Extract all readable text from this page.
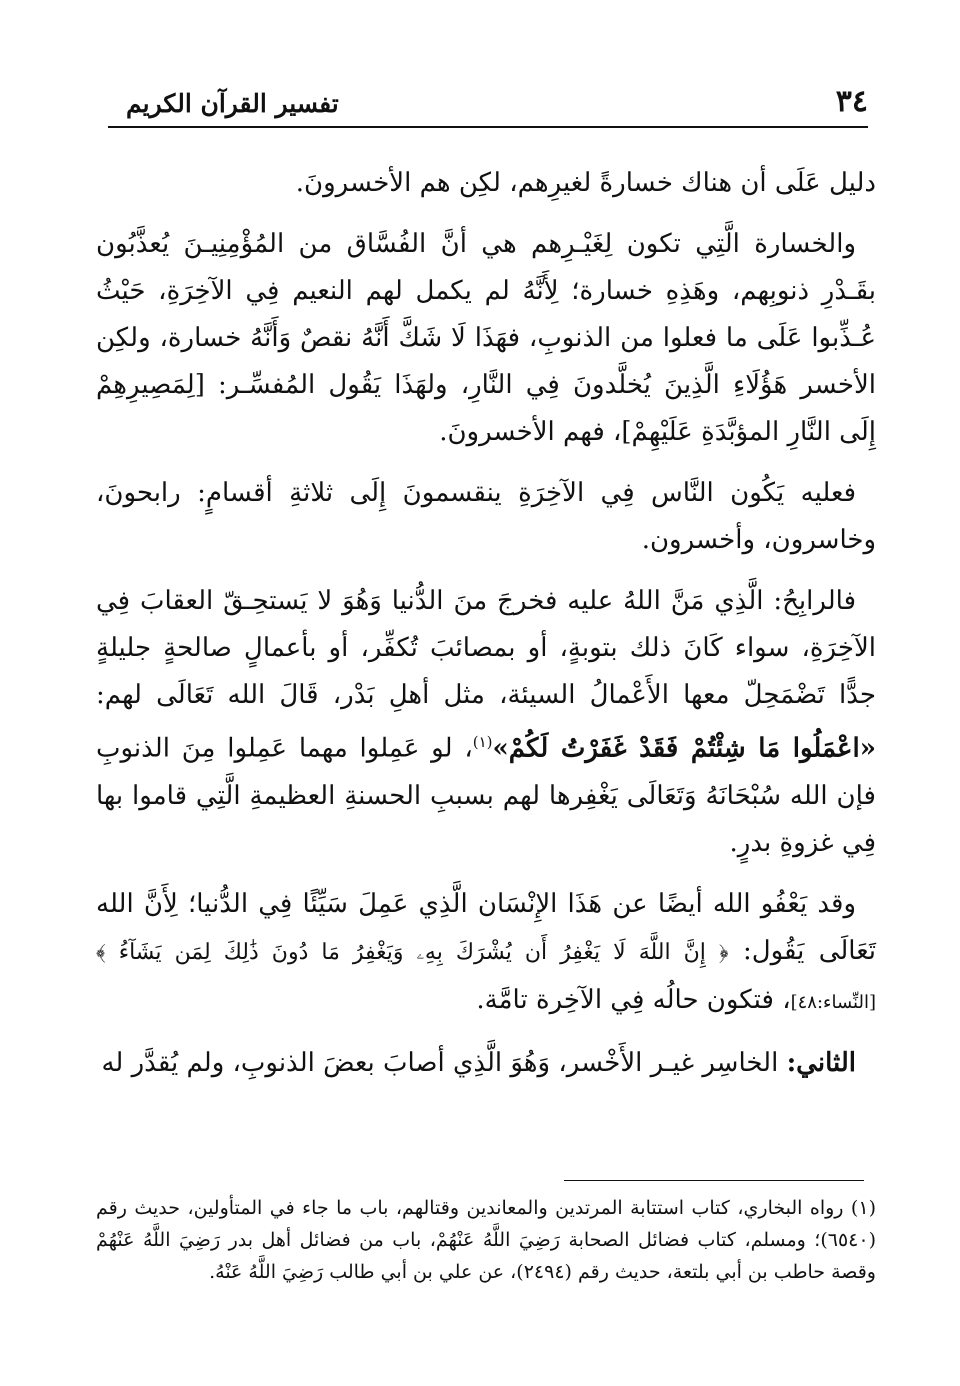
٣٤
تفسير القرآن الكريم

دليل عَلَى أن هناك خسارةً لغيرِهم، لكِن هم الأخسرونَ.

والخسارة الَّتِي تكون لِغَيْـرِهم هي أنَّ الفُسَّاق من المُؤْمِنِيـنَ يُعذَّبُون بقَـدْرِ ذنوبِهم، وهَذِهِ خسارة؛ لِأَنَّهُ لم يكمل لهم النعيم فِي الآخِرَةِ، حَيْثُ عُـذِّبوا عَلَى ما فعلوا من الذنوبِ، فهَذَا لَا شَكَّ أَنَّهُ نقصٌ وَأَنَّهُ خسارة، ولكِن الأخسر هَؤُلَاءِ الَّذِينَ يُخلَّدونَ فِي النَّارِ، ولهَذَا يَقُول المُفسِّـر: [لِمَصِيرِهِمْ إِلَى النَّارِ المؤبَّدَةِ عَلَيْهِمْ]، فهم الأخسرونَ.

فعليه يَكُون النَّاس فِي الآخِرَةِ ينقسمونَ إِلَى ثلاثةِ أقسامٍ: رابحونَ، وخاسرون، وأخسرون.

فالرابِحُ: الَّذِي مَنَّ اللهُ عليه فخرجَ منَ الدُّنيا وَهُوَ لا يَستحِـقّ العقابَ فِي الآخِرَةِ، سواء كَانَ ذلك بتوبةٍ، أو بمصائبَ تُكفِّر، أو بأعمالٍ صالحةٍ جليلةٍ جدًّا تَضْمَحِلّ معها الأَعْمالُ السيئة، مثل أهلِ بَدْر، قَالَ الله تَعَالَى لهم: «اعْمَلُوا مَا شِئْتُمْ فَقَدْ غَفَرْتُ لَكُمْ»$^{(١)}$، لو عَمِلوا مهما عَمِلوا مِنَ الذنوبِ فإن الله سُبْحَانَهُ وَتَعَالَى يَغْفِرها لهم بسببِ الحسنةِ العظيمةِ الَّتِي قاموا بها فِي غزوةِ بدرٍ.

وقد يَعْفُو الله أيضًا عن هَذَا الإِنْسَان الَّذِي عَمِلَ سَيِّئًا فِي الدُّنيا؛ لِأَنَّ الله تَعَالَى يَقُول: ﴿ إِنَّ اللَّهَ لَا يَغْفِرُ أَن يُشْرَكَ بِهِۦ وَيَغْفِرُ مَا دُونَ ذَٰلِكَ لِمَن يَشَآءُ ﴾ [النِّساء:٤٨]، فتكون حالُه فِي الآخِرة تامَّة.

الثاني: الخاسِر غيـر الأَخْسر، وَهُوَ الَّذِي أصابَ بعضَ الذنوبِ، ولم يُقدَّر له

(١) رواه البخاري، كتاب استتابة المرتدين والمعاندين وقتالهم، باب ما جاء في المتأولين، حديث رقم (٦٥٤٠)؛ ومسلم، كتاب فضائل الصحابة رَضِيَ اللَّهُ عَنْهُمْ، باب من فضائل أهل بدر رَضِيَ اللَّهُ عَنْهُمْ وقصة حاطب بن أبي بلتعة، حديث رقم (٢٤٩٤)، عن علي بن أبي طالب رَضِيَ اللَّهُ عَنْهُ.
